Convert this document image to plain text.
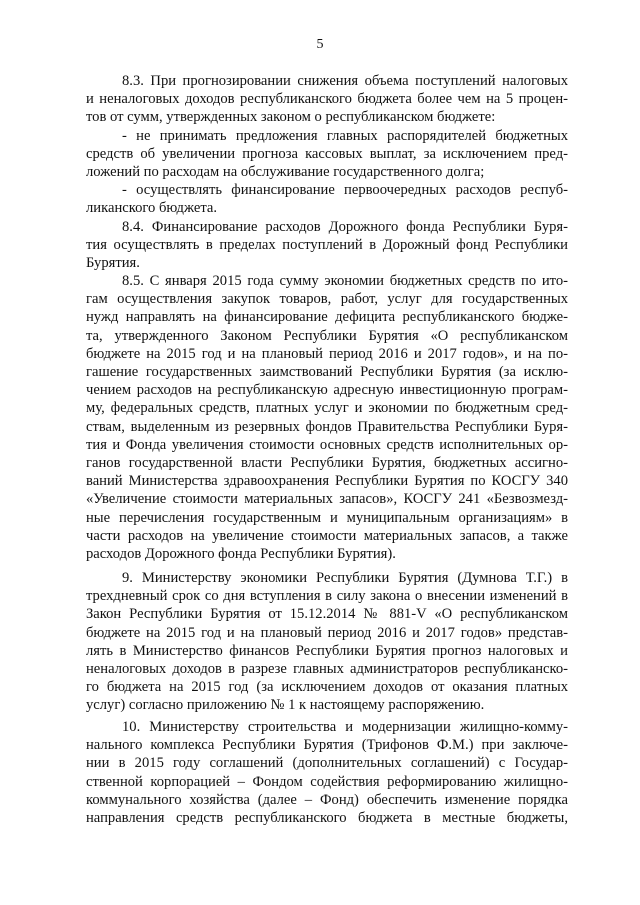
5
8.3. При прогнозировании снижения объема поступлений налоговых
и неналоговых доходов республиканского бюджета более чем на 5 процен-
тов от сумм, утвержденных законом о республиканском бюджете:
- не принимать предложения главных распорядителей бюджетных
средств об увеличении прогноза кассовых выплат, за исключением пред-
ложений по расходам на обслуживание государственного долга;
- осуществлять финансирование первоочередных расходов респуб-
ликанского бюджета.
8.4. Финансирование расходов Дорожного фонда Республики Буря-
тия осуществлять в пределах поступлений в Дорожный фонд Республики
Бурятия.
8.5. С января 2015 года сумму экономии бюджетных средств по ито-
гам осуществления закупок товаров, работ, услуг для государственных
нужд направлять на финансирование дефицита республиканского бюдже-
та, утвержденного Законом Республики Бурятия «О республиканском
бюджете на 2015 год и на плановый период 2016 и 2017 годов», и на по-
гашение государственных заимствований Республики Бурятия (за исклю-
чением расходов на республиканскую адресную инвестиционную програм-
му, федеральных средств, платных услуг и экономии по бюджетным сред-
ствам, выделенным из резервных фондов Правительства Республики Буря-
тия и Фонда увеличения стоимости основных средств исполнительных ор-
ганов государственной власти Республики Бурятия, бюджетных ассигно-
ваний Министерства здравоохранения Республики Бурятия по КОСГУ 340
«Увеличение стоимости материальных запасов», КОСГУ 241 «Безвозмезд-
ные перечисления государственным и муниципальным организациям» в
части расходов на увеличение стоимости материальных запасов, а также
расходов Дорожного фонда Республики Бурятия).
9. Министерству экономики Республики Бурятия (Думнова Т.Г.) в
трехдневный срок со дня вступления в силу закона о внесении изменений в
Закон Республики Бурятия от 15.12.2014 № 881-V «О республиканском
бюджете на 2015 год и на плановый период 2016 и 2017 годов» представ-
лять в Министерство финансов Республики Бурятия прогноз налоговых и
неналоговых доходов в разрезе главных администраторов республиканско-
го бюджета на 2015 год (за исключением доходов от оказания платных
услуг) согласно приложению № 1 к настоящему распоряжению.
10. Министерству строительства и модернизации жилищно-комму-
нального комплекса Республики Бурятия (Трифонов Ф.М.) при заключе-
нии в 2015 году соглашений (дополнительных соглашений) с Государ-
ственной корпорацией – Фондом содействия реформированию жилищно-
коммунального хозяйства (далее – Фонд) обеспечить изменение порядка
направления средств республиканского бюджета в местные бюджеты,
